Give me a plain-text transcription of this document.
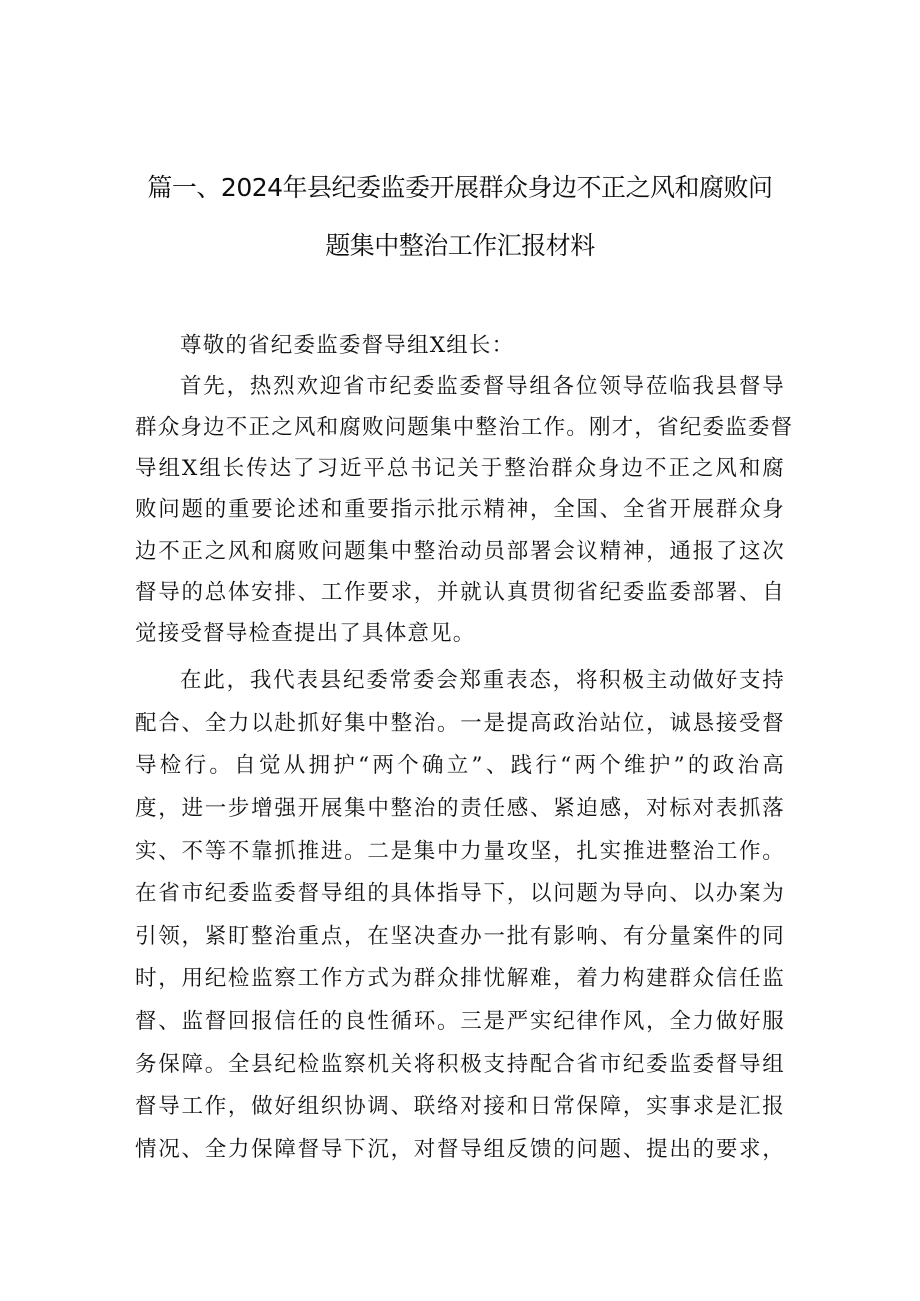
篇一、2024年县纪委监委开展群众身边不正之风和腐败问
题集中整治工作汇报材料
尊敬的省纪委监委督导组X组长：
首先，热烈欢迎省市纪委监委督导组各位领导莅临我县督导
群众身边不正之风和腐败问题集中整治工作。刚才，省纪委监委督
导组X组长传达了习近平总书记关于整治群众身边不正之风和腐
败问题的重要论述和重要指示批示精神，全国、全省开展群众身
边不正之风和腐败问题集中整治动员部署会议精神，通报了这次
督导的总体安排、工作要求，并就认真贯彻省纪委监委部署、自
觉接受督导检查提出了具体意见。
在此，我代表县纪委常委会郑重表态，将积极主动做好支持
配合、全力以赴抓好集中整治。一是提高政治站位，诚恳接受督
导检行。自觉从拥护“两个确立”、践行“两个维护”的政治高
度，进一步增强开展集中整治的责任感、紧迫感，对标对表抓落
实、不等不靠抓推进。二是集中力量攻坚，扎实推进整治工作。
在省市纪委监委督导组的具体指导下，以问题为导向、以办案为
引领，紧盯整治重点，在坚决查办一批有影响、有分量案件的同
时，用纪检监察工作方式为群众排忧解难，着力构建群众信任监
督、监督回报信任的良性循环。三是严实纪律作风，全力做好服
务保障。全县纪检监察机关将积极支持配合省市纪委监委督导组
督导工作，做好组织协调、联络对接和日常保障，实事求是汇报
情况、全力保障督导下沉，对督导组反馈的问题、提出的要求，
